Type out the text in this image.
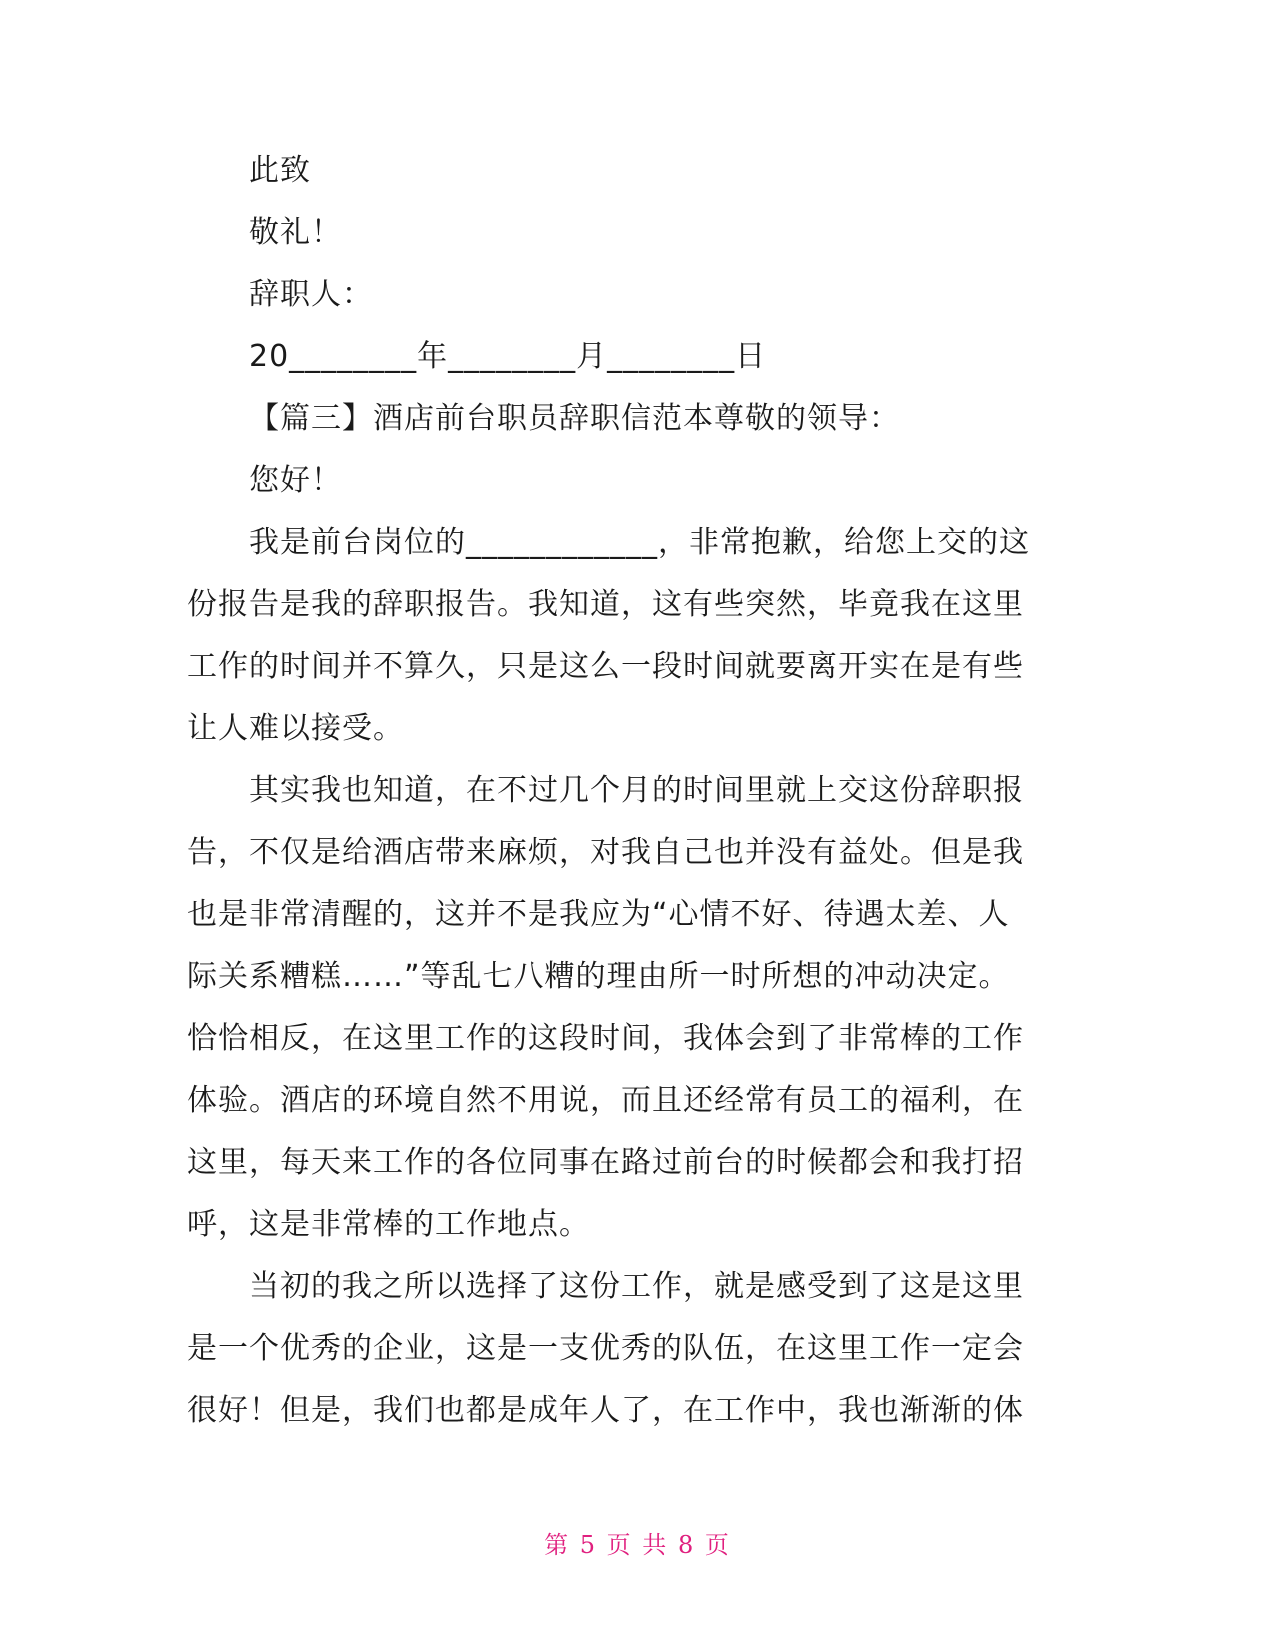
此致
敬礼！
辞职人：
20________年________月________日
【篇三】酒店前台职员辞职信范本尊敬的领导：
您好！
我是前台岗位的____________，非常抱歉，给您上交的这
份报告是我的辞职报告。我知道，这有些突然，毕竟我在这里
工作的时间并不算久，只是这么一段时间就要离开实在是有些
让人难以接受。
其实我也知道，在不过几个月的时间里就上交这份辞职报
告，不仅是给酒店带来麻烦，对我自己也并没有益处。但是我
也是非常清醒的，这并不是我应为“心情不好、待遇太差、人
际关系糟糕……”等乱七八糟的理由所一时所想的冲动决定。
恰恰相反，在这里工作的这段时间，我体会到了非常棒的工作
体验。酒店的环境自然不用说，而且还经常有员工的福利，在
这里，每天来工作的各位同事在路过前台的时候都会和我打招
呼，这是非常棒的工作地点。
当初的我之所以选择了这份工作，就是感受到了这是这里
是一个优秀的企业，这是一支优秀的队伍，在这里工作一定会
很好！但是，我们也都是成年人了，在工作中，我也渐渐的体
第 5 页 共 8 页
